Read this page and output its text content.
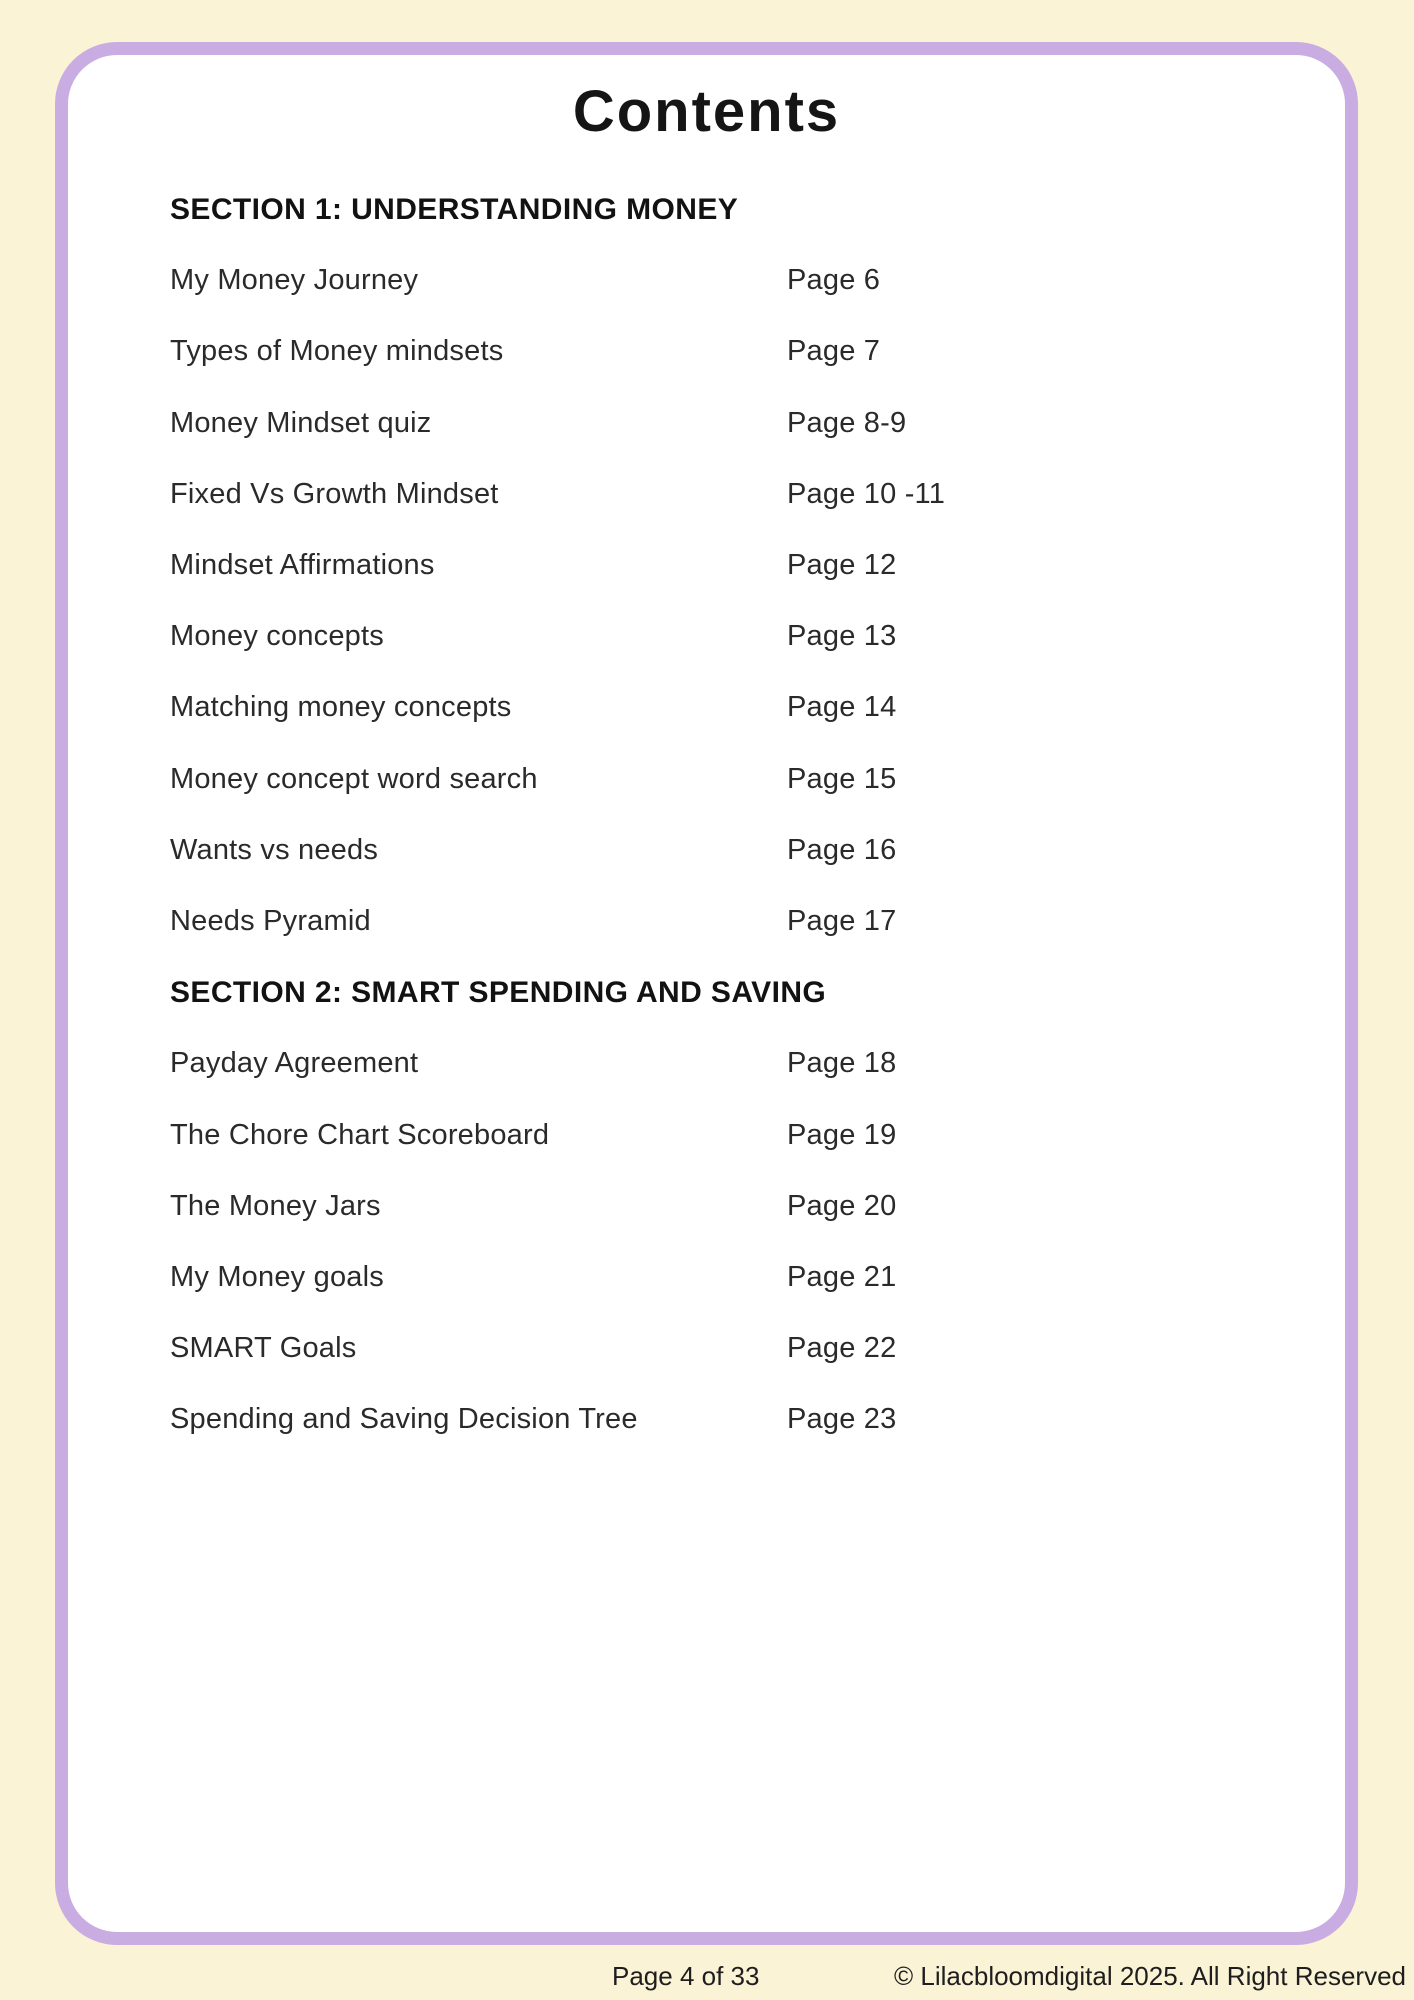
Contents
SECTION 1: UNDERSTANDING MONEY
My Money Journey	Page 6
Types of Money mindsets	Page 7
Money Mindset quiz	Page 8-9
Fixed Vs Growth Mindset	Page 10 -11
Mindset Affirmations	Page 12
Money concepts	Page 13
Matching money concepts	Page 14
Money concept word search	Page 15
Wants vs needs	Page 16
Needs Pyramid	Page 17
SECTION 2: SMART SPENDING AND SAVING
Payday Agreement	Page 18
The Chore Chart Scoreboard	Page 19
The Money Jars	Page 20
My Money goals	Page 21
SMART Goals	Page 22
Spending and Saving Decision Tree	Page 23
Page 4 of 33	© Lilacbloomdigital 2025. All Right Reserved
